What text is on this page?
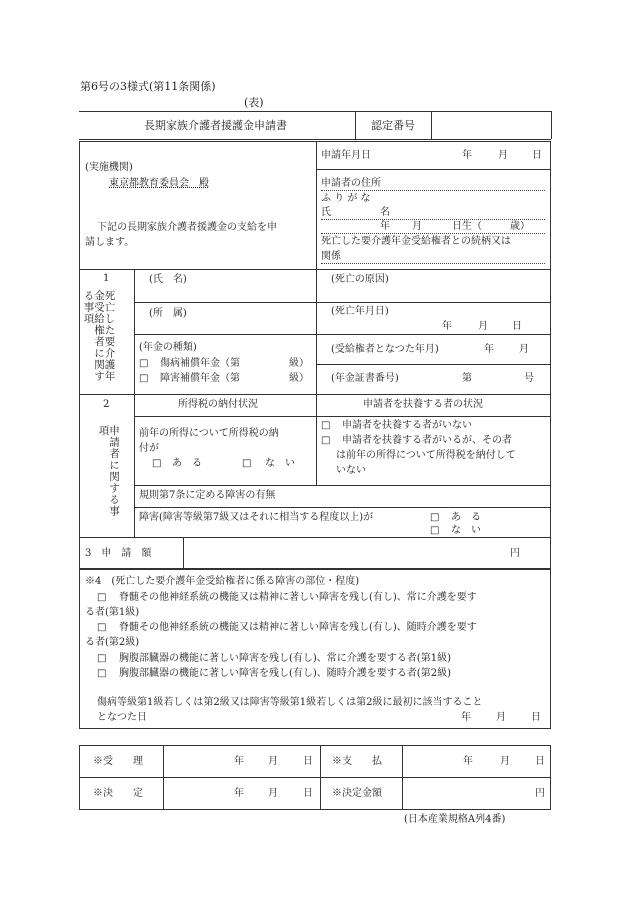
第6号の3様式(第11条関係)
(表)
長期家族介護者援護金申請書	認定番号
申請年月日	年	月 日
(実施機関)
東京都教育委員会　殿
下記の長期家族介護者援護金の支給を申
請します。
申請者の住所
ふ り が な
氏	名
年 月	日生（	歳）
死亡した要介護年金受給権者との続柄又は
関係
1
死亡した要介護年金受給権者に関する事項
(氏　名)	(死亡の原因)
(所　属)	(死亡年月日)
年	月 日
(年金の種類)
□ 傷病補償年金（第	級）
□ 障害補償年金（第	級）
(受給権者となつた年月)	年	月
(年金証書番号)	第	号
2
申請者に関する事項
所得税の納付状況	申請者を扶養する者の状況
前年の所得について所得税の納
付が
□ あ　る	□ な　い
□ 申請者を扶養する者がいない
□ 申請者を扶養する者がいるが、その者
は前年の所得について所得税を納付して
いない
規則第7条に定める障害の有無
障害(障害等級第7級又はそれに相当する程度以上)が	□ あ　る
□ な　い
3　申　請　額	円
※4　(死亡した要介護年金受給権者に係る障害の部位・程度)
□ 脊髄その他神経系統の機能又は精神に著しい障害を残し(有し)、常に介護を要す
る者(第1級)
□ 脊髄その他神経系統の機能又は精神に著しい障害を残し(有し)、随時介護を要す
る者(第2級)
□ 胸腹部臓器の機能に著しい障害を残し(有し)、常に介護を要する者(第1級)
□ 胸腹部臓器の機能に著しい障害を残し(有し)、随時介護を要する者(第2級)
傷病等級第1級若しくは第2級又は障害等級第1級若しくは第2級に最初に該当すること
となつた日	年	月	日
※受　　理	年 月	日 ※支　　払	年	月	日
※決　　定	年 月	日 ※決定金額	円
(日本産業規格A列4番)
